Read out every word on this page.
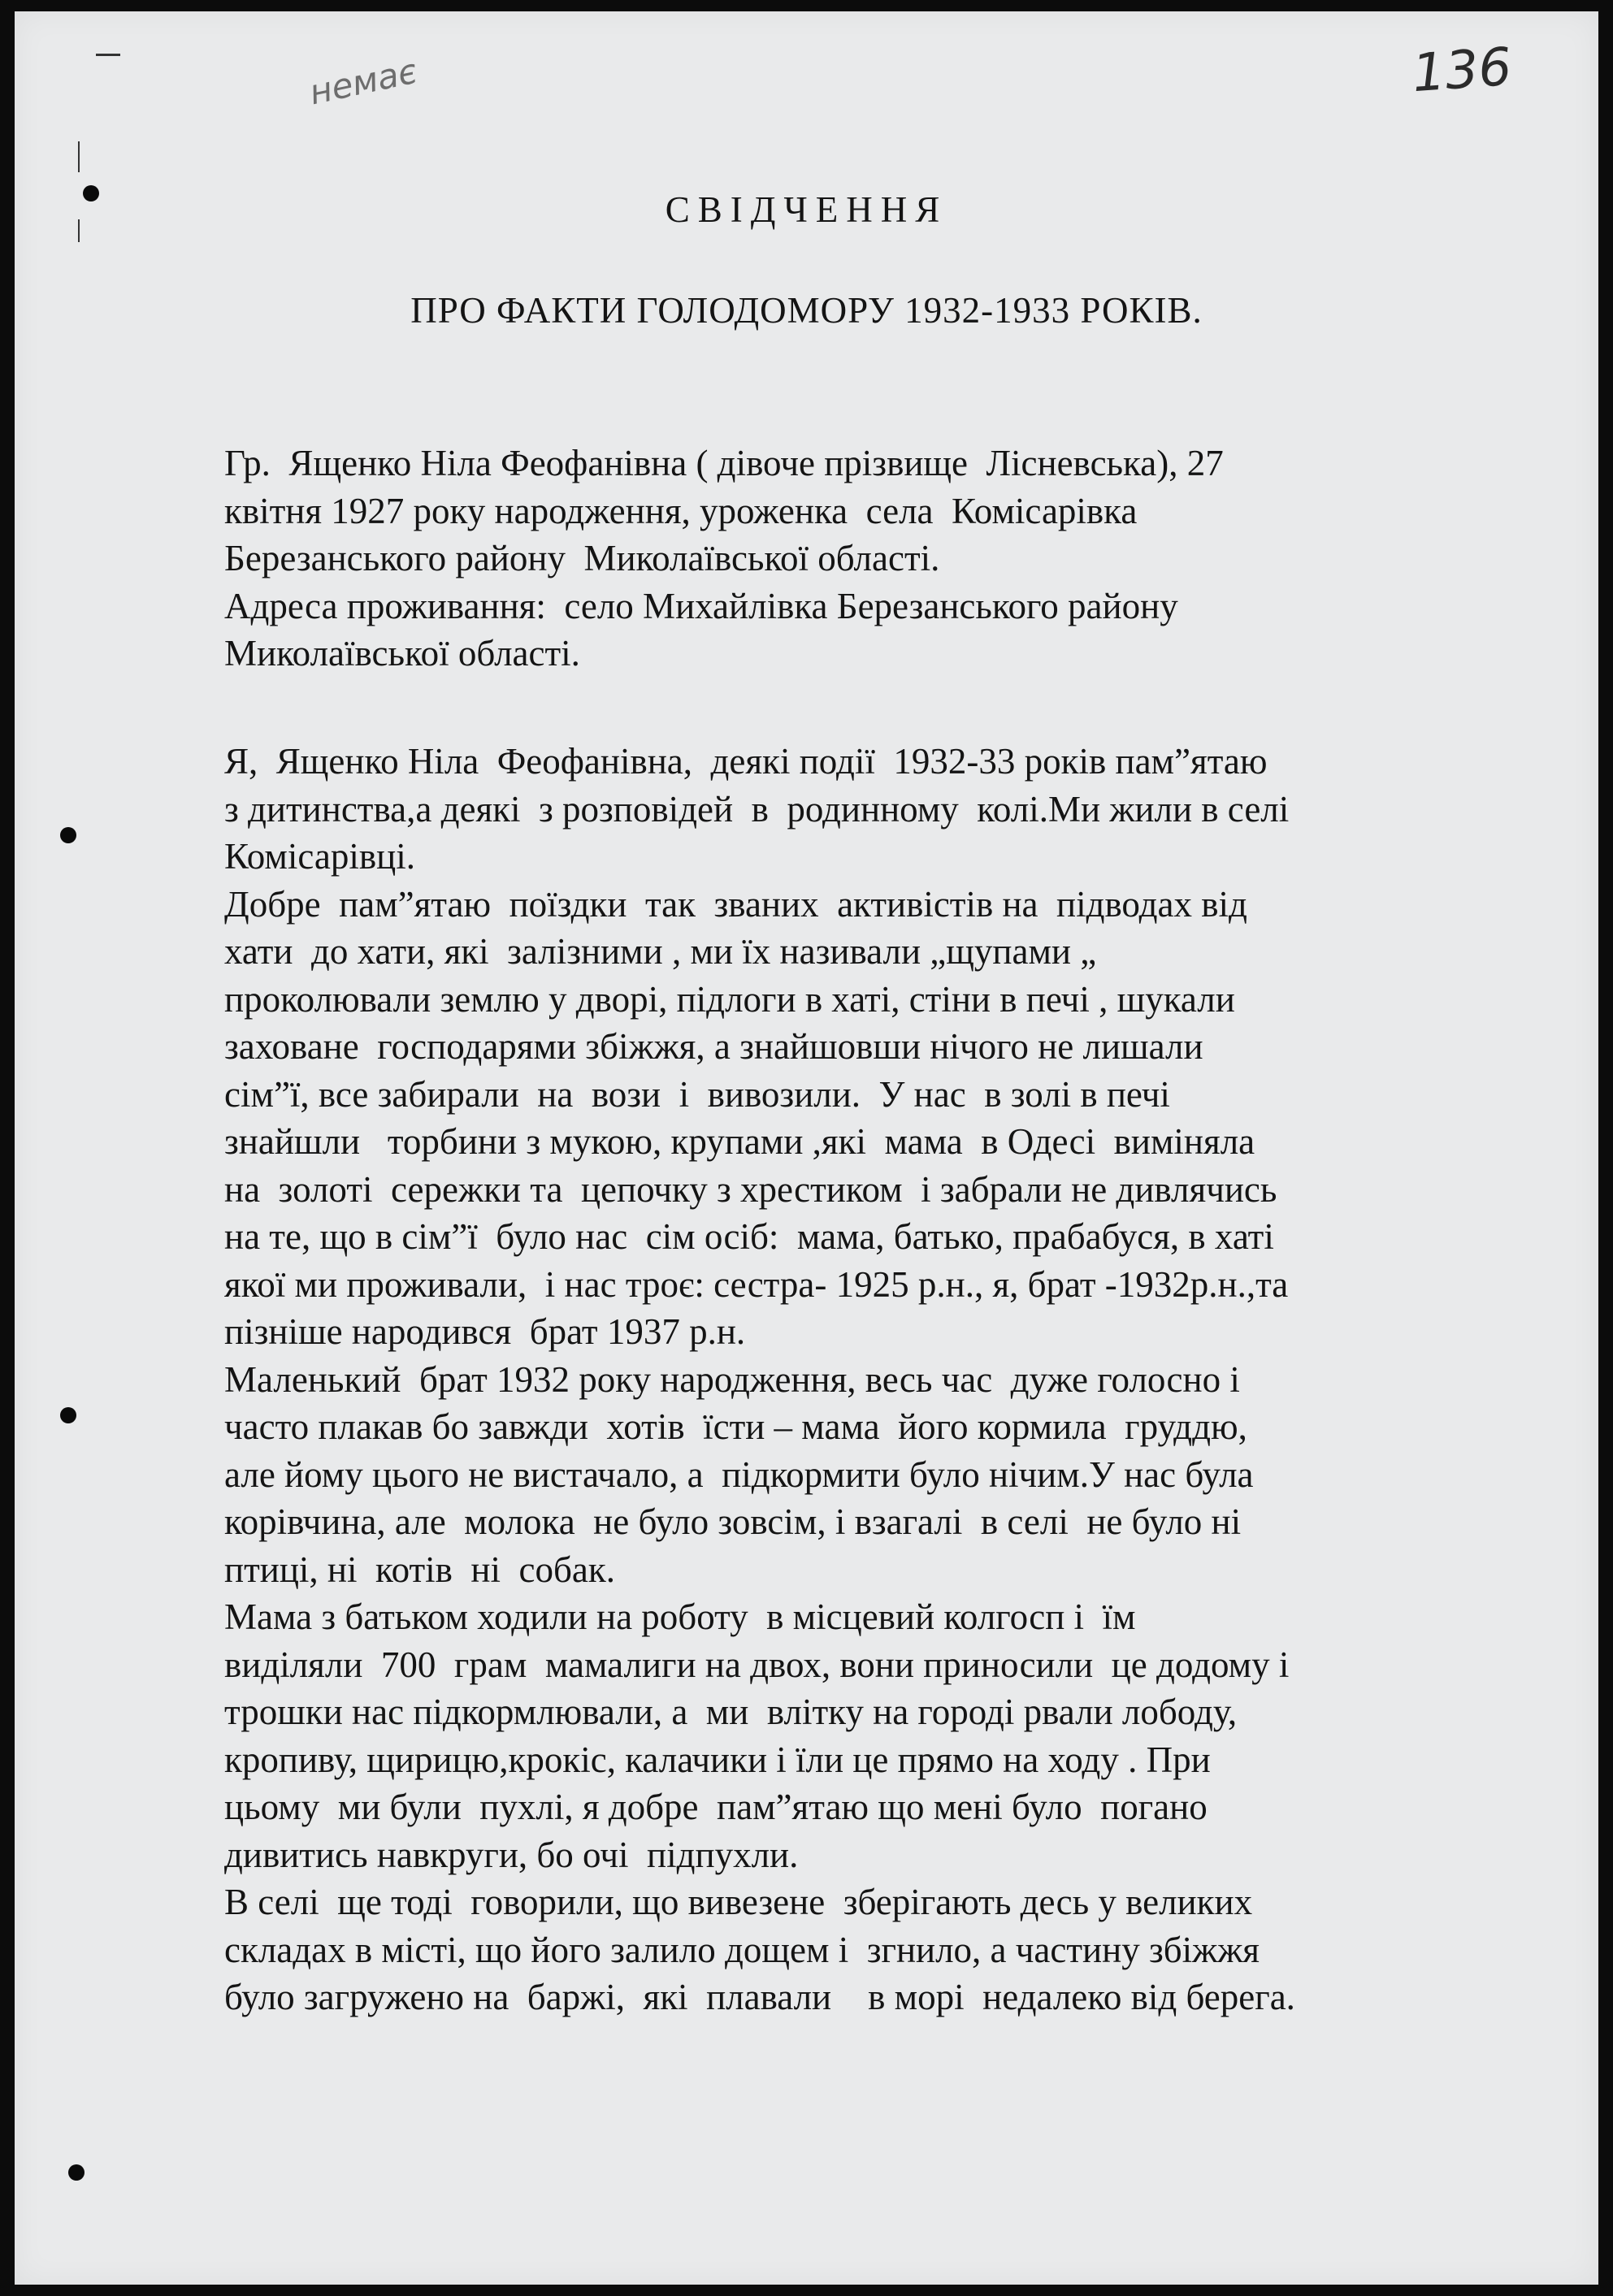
немає	136
СВІДЧЕННЯ
ПРО ФАКТИ ГОЛОДОМОРУ 1932-1933 РОКІВ.
Гр.  Ященко Ніла Феофанівна ( дівоче прізвище  Лісневська), 27
квітня 1927 року народження, уроженка  села  Комісарівка
Березанського району  Миколаївської області.
Адреса проживання:  село Михайлівка Березанського району
Миколаївської області.
Я,  Ященко Ніла  Феофанівна,  деякі події  1932-33 років пам”ятаю
з дитинства,а деякі  з розповідей  в  родинному  колі.Ми жили в селі
Комісарівці.
Добре  пам”ятаю  поїздки  так  званих  активістів на  підводах від
хати  до хати, які  залізними , ми їх називали „щупами „
проколювали землю у дворі, підлоги в хаті, стіни в печі , шукали
заховане  господарями збіжжя, а знайшовши нічого не лишали
сім”ї, все забирали  на  вози  і  вивозили.  У нас  в золі в печі
знайшли   торбини з мукою, крупами ,які  мама  в Одесі  виміняла
на  золоті  сережки та  цепочку з хрестиком  і забрали не дивлячись
на те, що в сім”ї  було нас  сім осіб:  мама, батько, прабабуся, в хаті
якої ми проживали,  і нас троє: сестра- 1925 р.н., я, брат -1932р.н.,та
пізніше народився  брат 1937 р.н.
Маленький  брат 1932 року народження, весь час  дуже голосно і
часто плакав бо завжди  хотів  їсти – мама  його кормила  груддю,
але йому цього не вистачало, а  підкормити було нічим.У нас була
корівчина, але  молока  не було зовсім, і взагалі  в селі  не було ні
птиці, ні  котів  ні  собак.
Мама з батьком ходили на роботу  в місцевий колгосп і  їм
виділяли  700  грам  мамалиги на двох, вони приносили  це додому і
трошки нас підкормлювали, а  ми  влітку на городі рвали лободу,
кропиву, щирицю,крокіс, калачики і їли це прямо на ходу . При
цьому  ми були  пухлі, я добре  пам”ятаю що мені було  погано
дивитись навкруги, бо очі  підпухли.
В селі  ще тоді  говорили, що вивезене  зберігають десь у великих
складах в місті, що його залило дощем і  згнило, а частину збіжжя
було загружено на  баржі,  які  плавали    в морі  недалеко від берега.
